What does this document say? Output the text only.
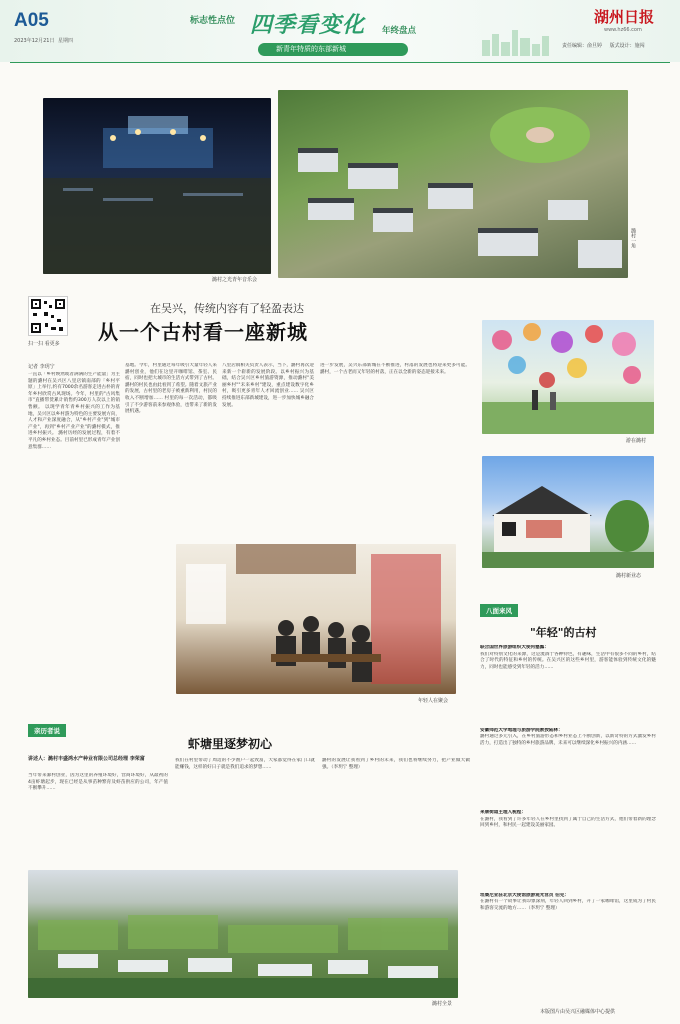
A05
2023年12月21日 星期四
标志性点位 四季看变化 年终盘点
新青年特质的东部新城
湖州日报
www.hz66.com
责任编辑：俞旦婷 版式设计：施闯
潞村之光青年音乐会
潞村一角
扫一扫 看更多
在吴兴，传统内容有了轻盈表达
从一个古村看一座新城
游在潞村
潞村新业态
记者 李玥宁
一直以「乡村焕然或者满满的生产能量」为主题的潞村在吴兴区八里店镇南部的「乡村平原」上举行,约有7000余名游客走进古朴的青年乡村欣赏古风现场。今年，村里的"古风集市"直播带货累计销售约300万人次以上的销售额。 以现学青年青乡村振兴的工作为基地，吴兴区以乡村游为特色的主要发展方向，人才和产业深度融合，从"乡村产业"到"城市产业"，再到"乡村产业产业"的潞村模式，推进乡村振兴。 潞村历经的发展过程，有着不平凡的乡村业态。目前村里已形成青年产业创意集群……
基地。今年，村里通过每年吸引大量年轻人来潞村创业，他们在这里开咖啡馆、茶室、民宿，同时也把大城市的生活方式带到了古村。 潞村的村民也由此看到了希望。随着文旅产业的发展，古村里的老房子被重新利用，村民的收入不断增加…… 村里的每一次活动，都吸引了不少游客前来参观体验，也带来了新的发展机遇。
八里店镇相关负责人表示，当下，潞村再次迎来新一个崭新的发展阶段。以乡村振兴为基础，结合吴兴区乡村旅游资源，推动潞村"美丽乡村""未来乡村"建设，重点建设数字化乡村，吸引更多青年人才回流创业…… 吴兴区持续推进东部新城建设，进一步加快城乡融合发展。
进一步发展，吴兴东部新城在不断推进，村落的发展也将迎来更多可能。 潞村，一个古老而又年轻的村落，正在以全新的姿态迎接未来。
年轻人在聚会
八面来风
"年轻"的古村
联合国世界旅游组织大使何塞露：
我们对特别文化的来源，这是流淌于各种特色，有趣味，生活中有很多不同的乡村，结合了时代的特征和乡村的传统。在吴兴区的这些乡村里，游客能体验到传统文化的魅力，同时也能感受到年轻的活力……
安徽师范大学地理与旅游学院教授陆林：
潞村通过多元引入，在乡村旅游形态和乡村业态上不断创新，以新奇特的方式激发乡村活力，打造出了独特的乡村旅游品牌，未来可以继续深化乡村振兴的内涵……
来康街道主理人税程：
在潞村，我看到了许多年轻人在乡村里找到了属于自己的生活方式，他们带着新的理念回到乡村，和村民一起建设美丽家园。
坦桑尼亚驻北京大使馆旅游观光官员 伯克：
在潞村有一个故事让我印象深刻，年轻人回到乡村，开了一家咖啡馆，这里成为了村民和游客交流的地方……（李玥宁 整理）
亲历者说
虾塘里逐梦初心
讲述人：潞村丰盛鸿水产种业有限公司总经理 李荣富
当年带来滁村创业，因为这里的养殖环境好，营商环境好，从最初的4亩虾塘起步，现在已经是从事苗种繁育及虾苗供应的公司，年产值不断攀升……
我们在村里带动了周边的不少渔户一起致富，大家都觉得在家门口就能赚钱，这样的好日子就是我们追求的梦想……
潞村的发展让我看到了乡村的未来，我们也将继续努力，把产业做大做强。（李玥宁 整理）
潞村全景
本版图片由吴兴区融媒体中心提供
